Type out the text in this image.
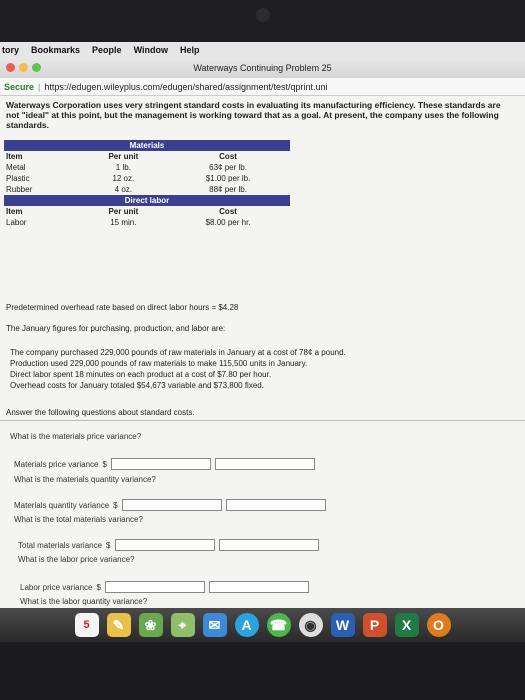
tory Bookmarks People Window Help
Waterways Continuing Problem 25
Secure | https://edugen.wileyplus.com/edugen/shared/assignment/test/qprint.uni
Waterways Corporation uses very stringent standard costs in evaluating its manufacturing efficiency. These standards are not "ideal" at this point, but the management is working toward that as a goal. At present, the company uses the following standards.
Materials		
Item	Per unit	Cost
Metal	1 lb.	63¢ per lb.
Plastic	12 oz.	$1.00 per lb.
Rubber	4 oz.	88¢ per lb.
Direct labor		
Item	Per unit	Cost
Labor	15 min.	$8.00 per hr.
Predetermined overhead rate based on direct labor hours = $4.28
The January figures for purchasing, production, and labor are:
The company purchased 229,000 pounds of raw materials in January at a cost of 78¢ a pound.
Production used 229,000 pounds of raw materials to make 115,500 units in January.
Direct labor spent 18 minutes on each product at a cost of $7.80 per hour.
Overhead costs for January totaled $54,673 variable and $73,800 fixed.
Answer the following questions about standard costs.
What is the materials price variance?
Materials price variance $
What is the materials quantity variance?
Materials quantity variance $
What is the total materials variance?
Total materials variance $
What is the labor price variance?
Labor price variance $
What is the labor quantity variance?
5	✎	❀	⌖	✉	A	☎	◉	W	P	X	O
